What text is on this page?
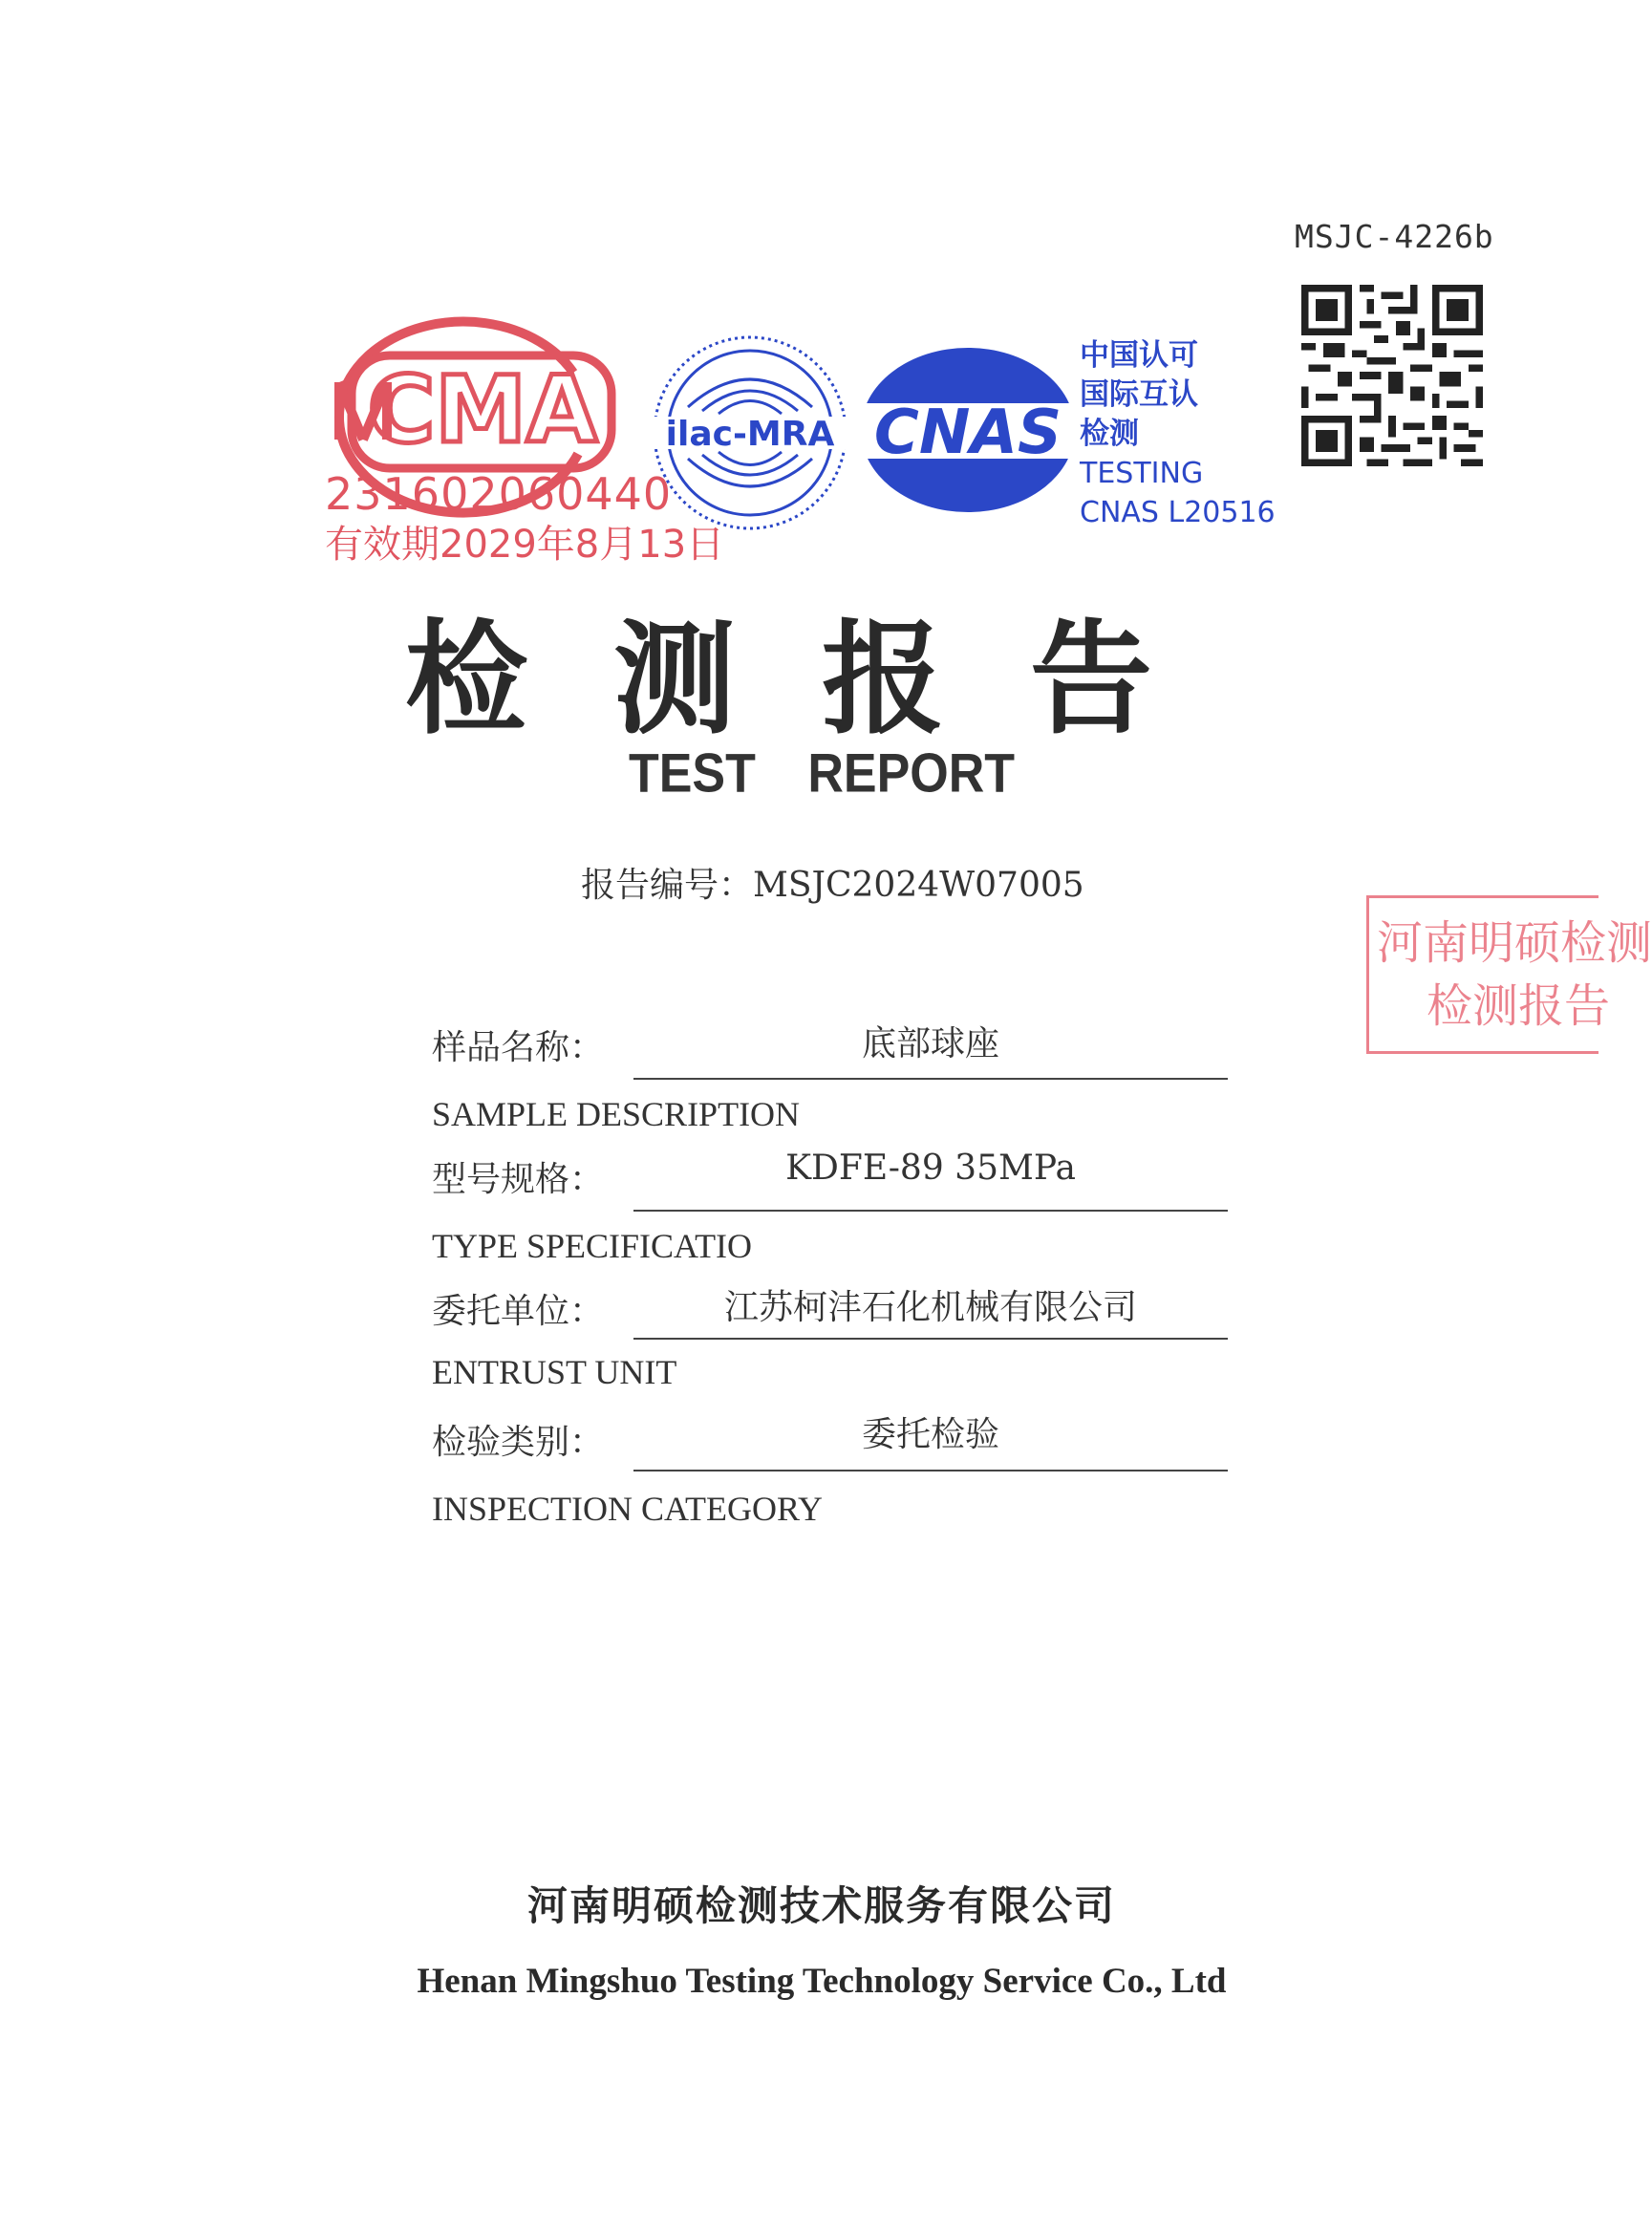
MSJC-4226b
CMA
231602060440
有效期2029年8月13日
ilac-MRA CNAS
中国认可
国际互认
检测
TESTING
CNAS L20516
检测报告
TEST REPORT
报告编号：MSJC2024W07005
河南明硕检测
检测报告
样品名称：	底部球座
SAMPLE DESCRIPTION
型号规格：	KDFE-89 35MPa
TYPE SPECIFICATIO
委托单位：	江苏柯沣石化机械有限公司
ENTRUST UNIT
检验类别：	委托检验
INSPECTION CATEGORY
河南明硕检测技术服务有限公司
Henan Mingshuo Testing Technology Service Co., Ltd
